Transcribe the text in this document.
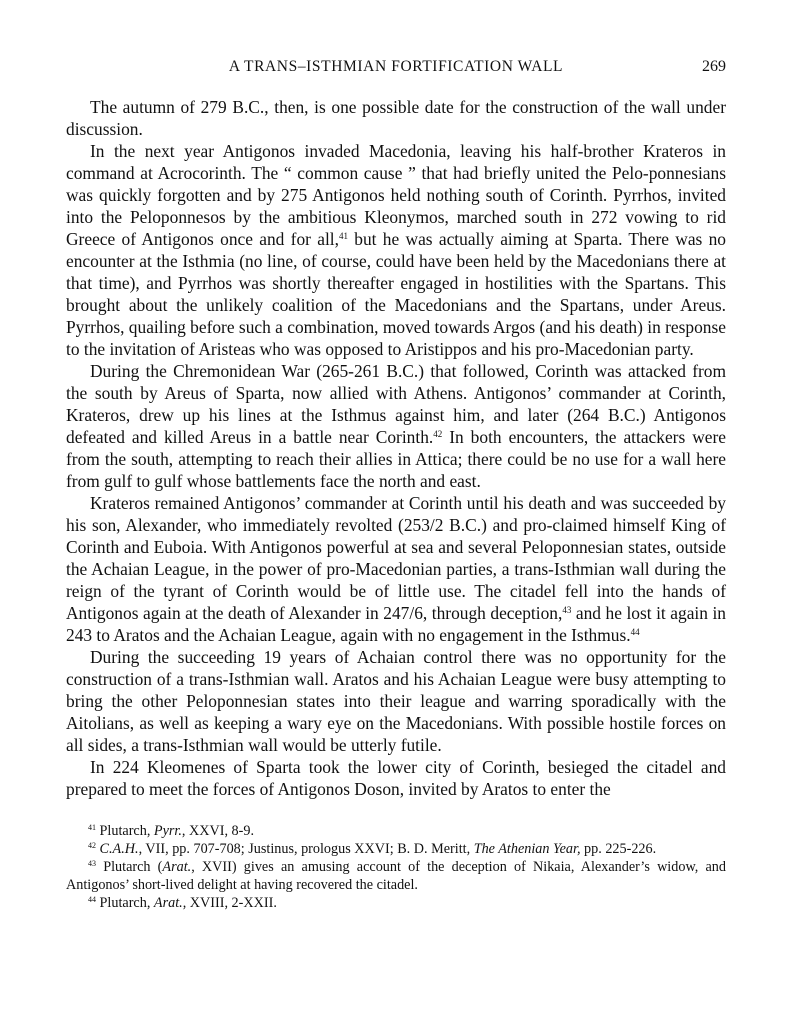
A TRANS–ISTHMIAN FORTIFICATION WALL	269

The autumn of 279 B.C., then, is one possible date for the construction of the wall under discussion.

In the next year Antigonos invaded Macedonia, leaving his half-brother Krateros in command at Acrocorinth. The “ common cause ” that had briefly united the Pelo-ponnesians was quickly forgotten and by 275 Antigonos held nothing south of Corinth. Pyrrhos, invited into the Peloponnesos by the ambitious Kleonymos, marched south in 272 vowing to rid Greece of Antigonos once and for all,$^{41}$ but he was actually aiming at Sparta. There was no encounter at the Isthmia (no line, of course, could have been held by the Macedonians there at that time), and Pyrrhos was shortly thereafter engaged in hostilities with the Spartans. This brought about the unlikely coalition of the Macedonians and the Spartans, under Areus. Pyrrhos, quailing before such a combination, moved towards Argos (and his death) in response to the invitation of Aristeas who was opposed to Aristippos and his pro-Macedonian party.

During the Chremonidean War (265-261 B.C.) that followed, Corinth was attacked from the south by Areus of Sparta, now allied with Athens. Antigonos’ commander at Corinth, Krateros, drew up his lines at the Isthmus against him, and later (264 B.C.) Antigonos defeated and killed Areus in a battle near Corinth.$^{42}$ In both encounters, the attackers were from the south, attempting to reach their allies in Attica; there could be no use for a wall here from gulf to gulf whose battlements face the north and east.

Krateros remained Antigonos’ commander at Corinth until his death and was succeeded by his son, Alexander, who immediately revolted (253/2 B.C.) and pro-claimed himself King of Corinth and Euboia. With Antigonos powerful at sea and several Peloponnesian states, outside the Achaian League, in the power of pro-Macedonian parties, a trans-Isthmian wall during the reign of the tyrant of Corinth would be of little use. The citadel fell into the hands of Antigonos again at the death of Alexander in 247/6, through deception,$^{43}$ and he lost it again in 243 to Aratos and the Achaian League, again with no engagement in the Isthmus.$^{44}$

During the succeeding 19 years of Achaian control there was no opportunity for the construction of a trans-Isthmian wall. Aratos and his Achaian League were busy attempting to bring the other Peloponnesian states into their league and warring sporadically with the Aitolians, as well as keeping a wary eye on the Macedonians. With possible hostile forces on all sides, a trans-Isthmian wall would be utterly futile.

In 224 Kleomenes of Sparta took the lower city of Corinth, besieged the citadel and prepared to meet the forces of Antigonos Doson, invited by Aratos to enter the

$^{41}$ Plutarch, Pyrr., XXVI, 8-9.

$^{42}$ C.A.H., VII, pp. 707-708; Justinus, prologus XXVI; B. D. Meritt, The Athenian Year, pp. 225-226.

$^{43}$ Plutarch (Arat., XVII) gives an amusing account of the deception of Nikaia, Alexander’s widow, and Antigonos’ short-lived delight at having recovered the citadel.

$^{44}$ Plutarch, Arat., XVIII, 2-XXII.
